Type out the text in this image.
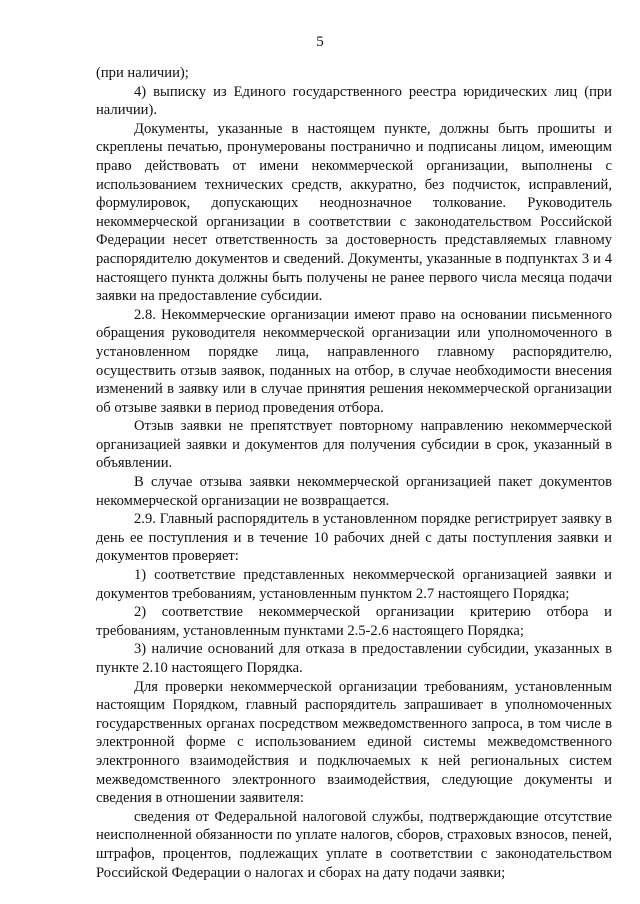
5

(при наличии);

4) выписку из Единого государственного реестра юридических лиц (при наличии).

Документы, указанные в настоящем пункте, должны быть прошиты и скреплены печатью, пронумерованы постранично и подписаны лицом, имеющим право действовать от имени некоммерческой организации, выполнены с использованием технических средств, аккуратно, без подчисток, исправлений, формулировок, допускающих неоднозначное толкование. Руководитель некоммерческой организации в соответствии с законодательством Российской Федерации несет ответственность за достоверность представляемых главному распорядителю документов и сведений. Документы, указанные в подпунктах 3 и 4 настоящего пункта должны быть получены не ранее первого числа месяца подачи заявки на предоставление субсидии.

2.8. Некоммерческие организации имеют право на основании письменного обращения руководителя некоммерческой организации или уполномоченного в установленном порядке лица, направленного главному распорядителю, осуществить отзыв заявок, поданных на отбор, в случае необходимости внесения изменений в заявку или в случае принятия решения некоммерческой организации об отзыве заявки в период проведения отбора.

Отзыв заявки не препятствует повторному направлению некоммерческой организацией заявки и документов для получения субсидии в срок, указанный в объявлении.

В случае отзыва заявки некоммерческой организацией пакет документов некоммерческой организации не возвращается.

2.9. Главный распорядитель в установленном порядке регистрирует заявку в день ее поступления и в течение 10 рабочих дней с даты поступления заявки и документов проверяет:

1) соответствие представленных некоммерческой организацией заявки и документов требованиям, установленным пунктом 2.7 настоящего Порядка;

2) соответствие некоммерческой организации критерию отбора и требованиям, установленным пунктами 2.5-2.6 настоящего Порядка;

3) наличие оснований для отказа в предоставлении субсидии, указанных в пункте 2.10 настоящего Порядка.

Для проверки некоммерческой организации требованиям, установленным настоящим Порядком, главный распорядитель запрашивает в уполномоченных государственных органах посредством межведомственного запроса, в том числе в электронной форме с использованием единой системы межведомственного электронного взаимодействия и подключаемых к ней региональных систем межведомственного электронного взаимодействия, следующие документы и сведения в отношении заявителя:

сведения от Федеральной налоговой службы, подтверждающие отсутствие неисполненной обязанности по уплате налогов, сборов, страховых взносов, пеней, штрафов, процентов, подлежащих уплате в соответствии с законодательством Российской Федерации о налогах и сборах на дату подачи заявки;
